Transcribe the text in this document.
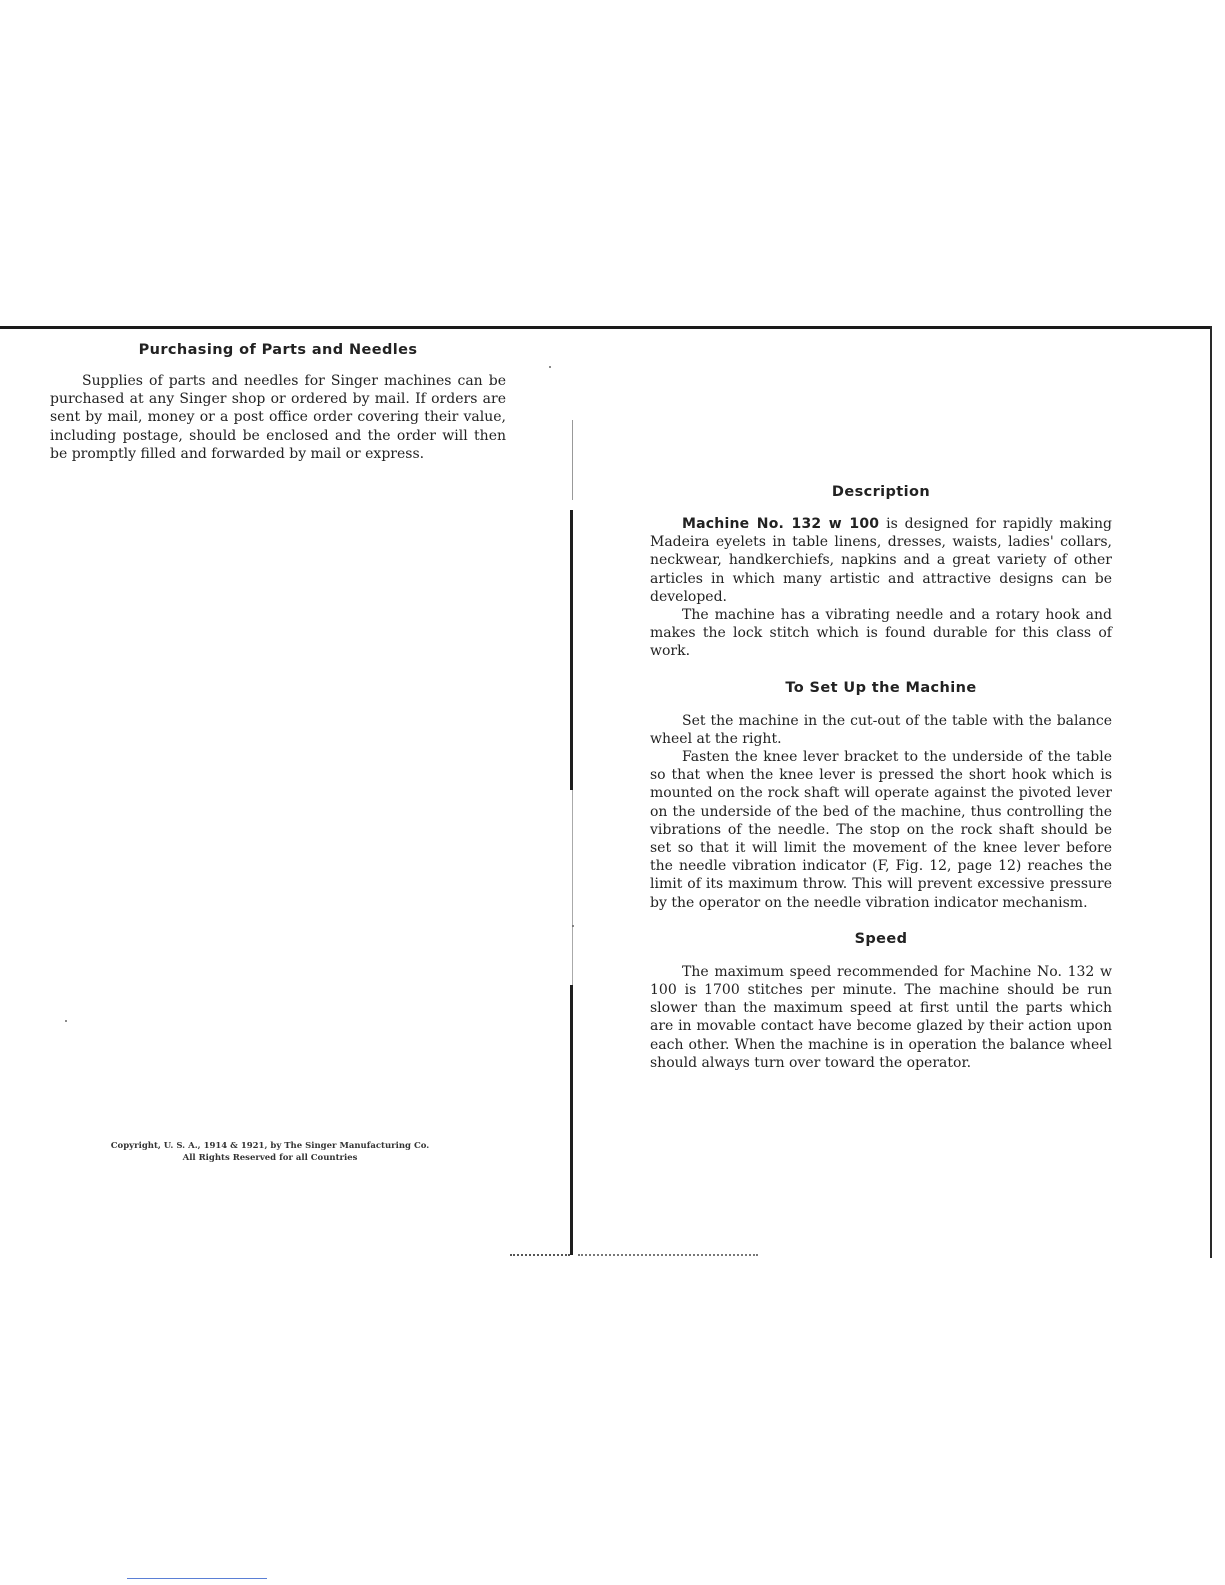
Purchasing of Parts and Needles

Supplies of parts and needles for Singer machines can be purchased at any Singer shop or ordered by mail. If orders are sent by mail, money or a post office order covering their value, including postage, should be enclosed and the order will then be promptly filled and forwarded by mail or express.

Copyright, U. S. A., 1914 & 1921, by The Singer Manufacturing Co.
All Rights Reserved for all Countries
Description

Machine No. 132 w 100 is designed for rapidly making Madeira eyelets in table linens, dresses, waists, ladies' collars, neckwear, handkerchiefs, napkins and a great variety of other articles in which many artistic and attractive designs can be developed.

The machine has a vibrating needle and a rotary hook and makes the lock stitch which is found durable for this class of work.

To Set Up the Machine

Set the machine in the cut-out of the table with the balance wheel at the right.

Fasten the knee lever bracket to the underside of the table so that when the knee lever is pressed the short hook which is mounted on the rock shaft will operate against the pivoted lever on the underside of the bed of the machine, thus controlling the vibrations of the needle. The stop on the rock shaft should be set so that it will limit the movement of the knee lever before the needle vibration indicator (F, Fig. 12, page 12) reaches the limit of its maximum throw. This will prevent excessive pressure by the operator on the needle vibration indicator mechanism.

Speed

The maximum speed recommended for Machine No. 132 w 100 is 1700 stitches per minute. The machine should be run slower than the maximum speed at first until the parts which are in movable contact have become glazed by their action upon each other. When the machine is in operation the balance wheel should always turn over toward the operator.
